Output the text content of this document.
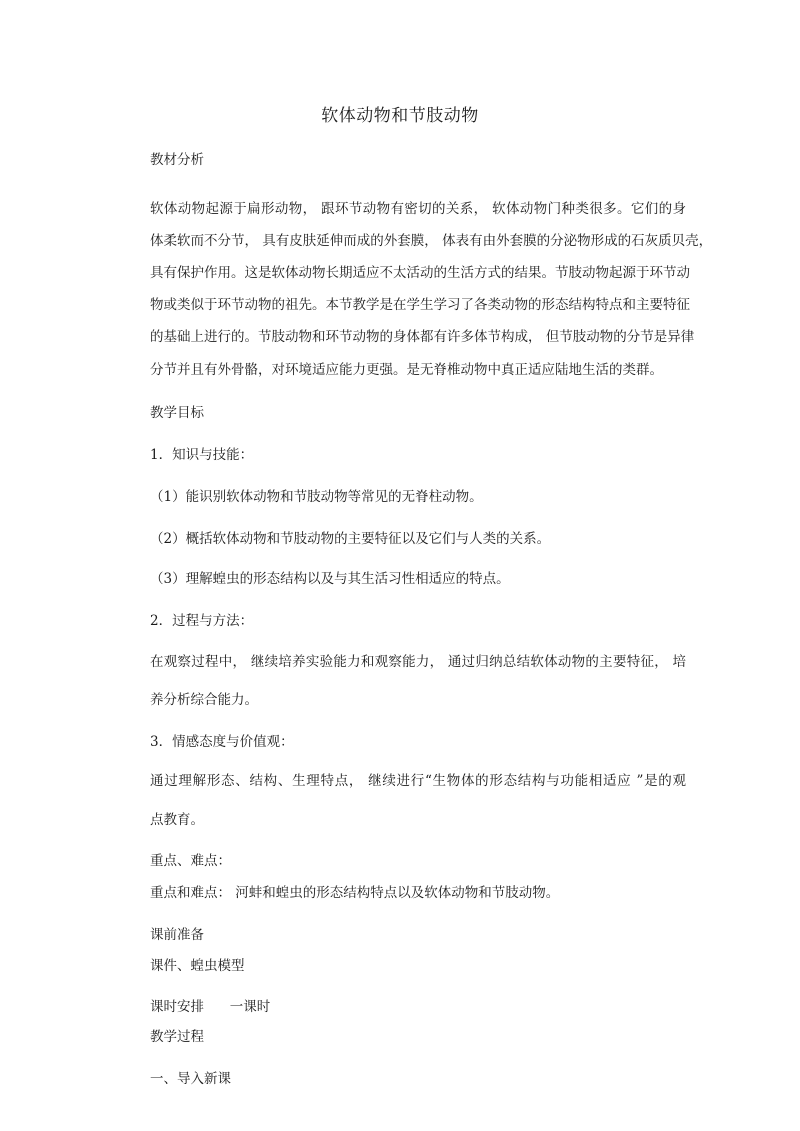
软体动物和节肢动物
教材分析
软体动物起源于扁形动物， 跟环节动物有密切的关系， 软体动物门种类很多。它们的身
体柔软而不分节， 具有皮肤延伸而成的外套膜， 体表有由外套膜的分泌物形成的石灰质贝壳，
具有保护作用。这是软体动物长期适应不太活动的生活方式的结果。节肢动物起源于环节动
物或类似于环节动物的祖先。本节教学是在学生学习了各类动物的形态结构特点和主要特征
的基础上进行的。节肢动物和环节动物的身体都有许多体节构成， 但节肢动物的分节是异律
分节并且有外骨骼，对环境适应能力更强。是无脊椎动物中真正适应陆地生活的类群。
教学目标
1．知识与技能：
（1）能识别软体动物和节肢动物等常见的无脊柱动物。
（2）概括软体动物和节肢动物的主要特征以及它们与人类的关系。
（3）理解蝗虫的形态结构以及与其生活习性相适应的特点。
2．过程与方法：
在观察过程中， 继续培养实验能力和观察能力， 通过归纳总结软体动物的主要特征， 培
养分析综合能力。
3．情感态度与价值观：
通过理解形态、结构、生理特点， 继续进行“生物体的形态结构与功能相适应 ”是的观
点教育。
重点、难点：
重点和难点： 河蚌和蝗虫的形态结构特点以及软体动物和节肢动物。
课前准备
课件、蝗虫模型
课时安排      一课时
教学过程
一、导入新课
